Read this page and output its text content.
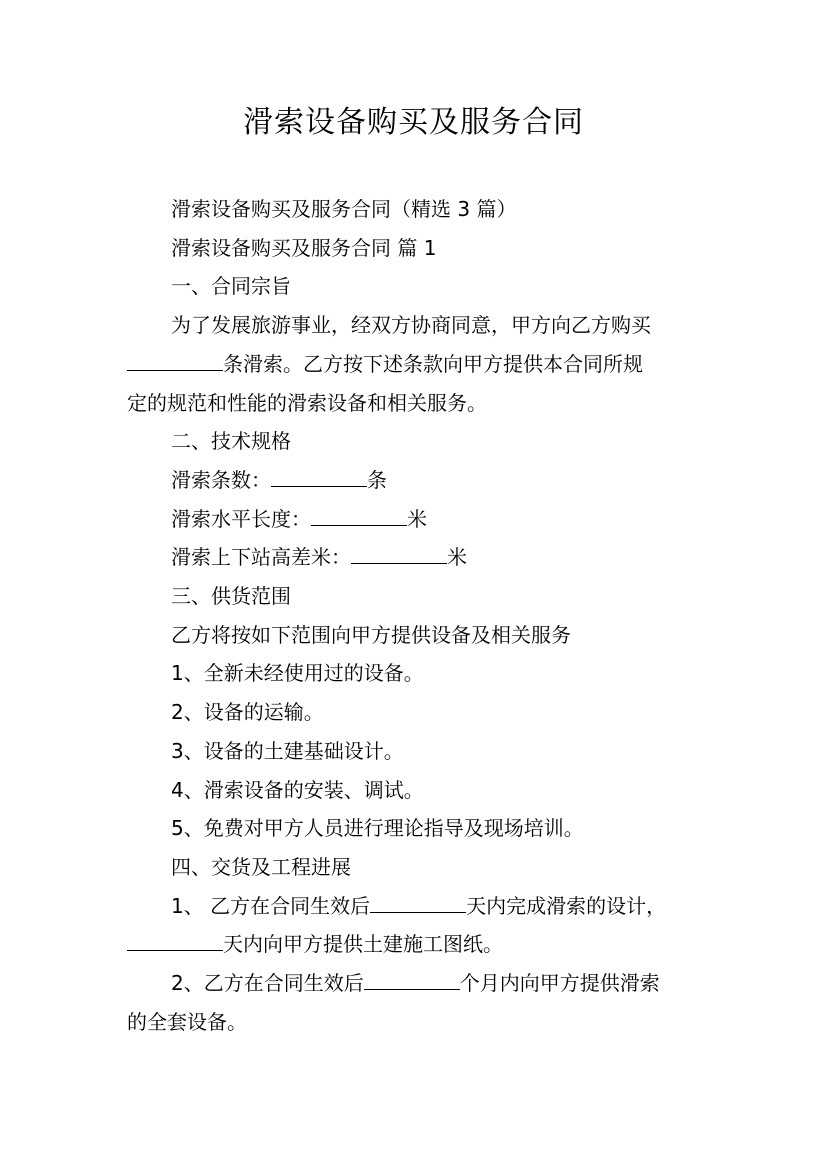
滑索设备购买及服务合同

滑索设备购买及服务合同（精选 3 篇）

滑索设备购买及服务合同 篇 1

一、合同宗旨

为了发展旅游事业，经双方协商同意，甲方向乙方购买

条滑索。乙方按下述条款向甲方提供本合同所规

定的规范和性能的滑索设备和相关服务。

二、技术规格

滑索条数：	条

滑索水平长度：	米

滑索上下站高差米：	米

三、供货范围

乙方将按如下范围向甲方提供设备及相关服务

1、全新未经使用过的设备。

2、设备的运输。

3、设备的土建基础设计。

4、滑索设备的安装、调试。

5、免费对甲方人员进行理论指导及现场培训。

四、交货及工程进展

1、 乙方在合同生效后	天内完成滑索的设计，

天内向甲方提供土建施工图纸。

2、乙方在合同生效后	个月内向甲方提供滑索

的全套设备。
